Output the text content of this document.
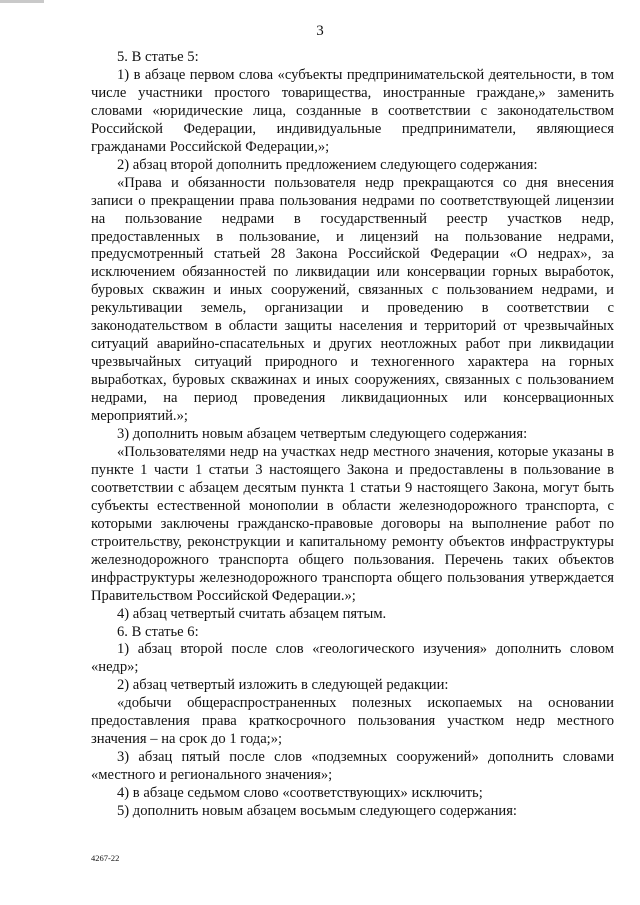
3

5. В статье 5:

1) в абзаце первом слова «субъекты предпринимательской деятельности, в том числе участники простого товарищества, иностранные граждане,» заменить словами «юридические лица, созданные в соответствии с законодательством Российской Федерации, индивидуальные предприниматели, являющиеся гражданами Российской Федерации,»;

2) абзац второй дополнить предложением следующего содержания:

«Права и обязанности пользователя недр прекращаются со дня внесения записи о прекращении права пользования недрами по соответствующей лицензии на пользование недрами в государственный реестр участков недр, предоставленных в пользование, и лицензий на пользование недрами, предусмотренный статьей 28 Закона Российской Федерации «О недрах», за исключением обязанностей по ликвидации или консервации горных выработок, буровых скважин и иных сооружений, связанных с пользованием недрами, и рекультивации земель, организации и проведению в соответствии с законодательством в области защиты населения и территорий от чрезвычайных ситуаций аварийно-спасательных и других неотложных работ при ликвидации чрезвычайных ситуаций природного и техногенного характера на горных выработках, буровых скважинах и иных сооружениях, связанных с пользованием недрами, на период проведения ликвидационных или консервационных мероприятий.»;

3) дополнить новым абзацем четвертым следующего содержания:

«Пользователями недр на участках недр местного значения, которые указаны в пункте 1 части 1 статьи 3 настоящего Закона и предоставлены в пользование в соответствии с абзацем десятым пункта 1 статьи 9 настоящего Закона, могут быть субъекты естественной монополии в области железнодорожного транспорта, с которыми заключены гражданско-правовые договоры на выполнение работ по строительству, реконструкции и капитальному ремонту объектов инфраструктуры железнодорожного транспорта общего пользования. Перечень таких объектов инфраструктуры железнодорожного транспорта общего пользования утверждается Правительством Российской Федерации.»;

4) абзац четвертый считать абзацем пятым.

6. В статье 6:

1) абзац второй после слов «геологического изучения» дополнить словом «недр»;

2) абзац четвертый изложить в следующей редакции:

«добычи общераспространенных полезных ископаемых на основании предоставления права краткосрочного пользования участком недр местного значения – на срок до 1 года;»;

3) абзац пятый после слов «подземных сооружений» дополнить словами «местного и регионального значения»;

4) в абзаце седьмом слово «соответствующих» исключить;

5) дополнить новым абзацем восьмым следующего содержания:

4267-22
